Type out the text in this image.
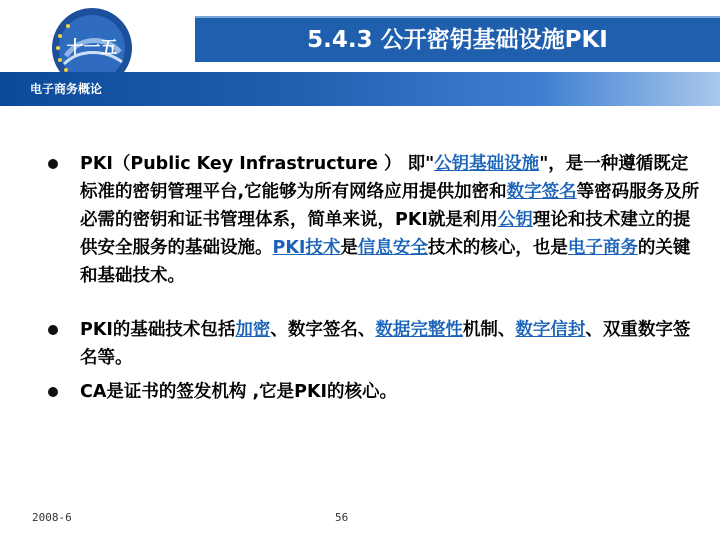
十一五	5.4.3 公开密钥基础设施PKI
电子商务概论
PKI（Public Key Infrastructure ） 即"公钥基础设施"，是一种遵循既定标准的密钥管理平台,它能够为所有网络应用提供加密和数字签名等密码服务及所必需的密钥和证书管理体系，简单来说，PKI就是利用公钥理论和技术建立的提供安全服务的基础设施。PKI技术是信息安全技术的核心，也是电子商务的关键和基础技术。
PKI的基础技术包括加密、数字签名、数据完整性机制、数字信封、双重数字签名等。
CA是证书的签发机构 ,它是PKI的核心。
2008-6	56
